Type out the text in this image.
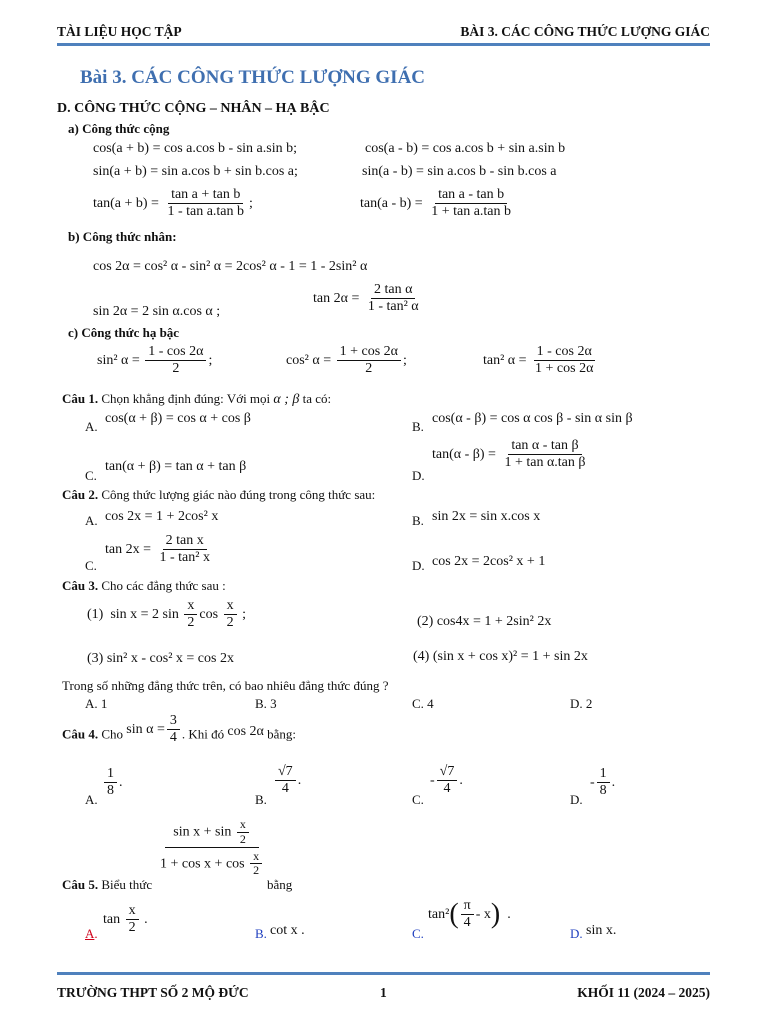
TÀI LIỆU HỌC TẬP	BÀI 3. CÁC CÔNG THỨC LƯỢNG GIÁC
Bài 3. CÁC CÔNG THỨC LƯỢNG GIÁC
D. CÔNG THỨC CỘNG – NHÂN – HẠ BẬC
a) Công thức cộng
cos(a + b) = cos a.cos b - sin a.sin b;	cos(a - b) = cos a.cos b + sin a.sin b
sin(a + b) = sin a.cos b + sin b.cos a;	sin(a - b) = sin a.cos b - sin b.cos a
$\tan(a + b) = \frac{\text{tan a + tan b}}{\text{1 - tan a.tan b}}$ ;	$\tan(a - b) = \frac{\text{tan a - tan b}}{\text{1 + tan a.tan b}}$
b) Công thức nhân:
cos 2α = cos² α - sin² α = 2cos² α - 1 = 1 - 2sin² α
sin 2α = 2 sin α.cos α ;
$\tan 2\alpha = \frac{\text{2 tan α}}{\text{1 - tan² α}}$
c) Công thức hạ bậc
sin² $\alpha = \frac{1 - \cos 2\alpha}{2}$ ;	cos² $\alpha = \frac{1 + \cos 2\alpha}{2}$ ;	tan² $\alpha = \frac{1 - \cos 2\alpha}{1 + \cos 2\alpha}$
Câu 1. Chọn khẳng định đúng: Với mọi α ; β ta có:
A.
cos(α + β) = cos α + cos β
B.
cos(α - β) = cos α cos β - sin α sin β
C.
tan(α + β) = tan α + tan β
D.
$\tan(\alpha - \beta) = \frac{\text{tan α - tan β}}{\text{1 + tan α.tan β}}$
Câu 2. Công thức lượng giác nào đúng trong công thức sau:
A. cos 2x = 1 + 2cos² x	B. sin 2x = sin x.cos x
C.
$\tan 2x = \frac{\text{2 tan x}}{\text{1 - tan² x}}$	D. cos 2x = 2cos² x + 1
Câu 3. Cho các đẳng thức sau :
(1) sin x = 2 $\sin \frac{x}{2}$ $\cos \frac{x}{2}$ ;	(2) cos4x = 1 + 2sin² 2x
(3) sin² x - cos² x = cos 2x	(4) (sin x + cos x)² = 1 + sin 2x
Trong số những đẳng thức trên, có bao nhiêu đẳng thức đúng ?
A. 1	B. 3	C. 4	D. 2
Câu 4. Cho $\sin \alpha = \frac{3}{4}$ . Khi đó cos 2α bằng:
A.
$\frac{1}{8}$ .
B.
$\frac{√7}{4}$ .
C.
- $\frac{√7}{4}$ .
D.
- $\frac{1}{8}$ .
$\frac{\sin x + \sin \frac{x}{2}}{1 + \cos x + \cos \frac{x}{2}}$
Câu 5. Biểu thức	bằng
A.
$\tan \frac{x}{2}$ .
B. cot x .	C.
$\tan^2( \frac{\pi}{4} - x)$ .
D. sin x.
TRƯỜNG THPT SỐ 2 MỘ ĐỨC	1	KHỐI 11 (2024 – 2025)
